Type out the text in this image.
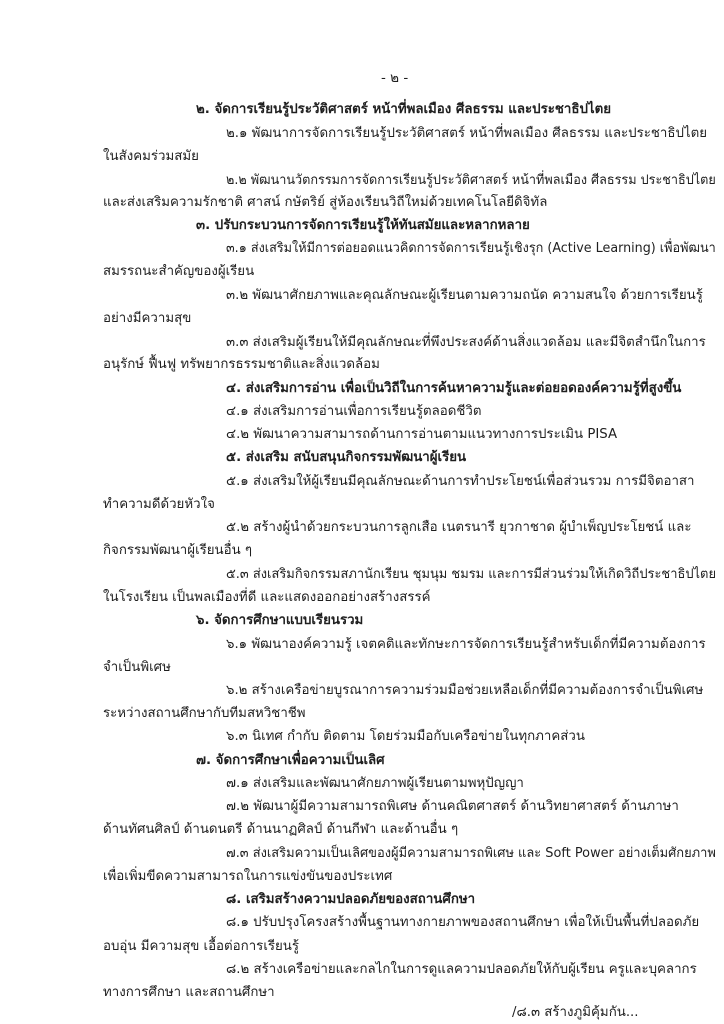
- ๒ -
๒. จัดการเรียนรู้ประวัติศาสตร์ หน้าที่พลเมือง ศีลธรรม และประชาธิปไตย
๒.๑ พัฒนาการจัดการเรียนรู้ประวัติศาสตร์ หน้าที่พลเมือง ศีลธรรม และประชาธิปไตย
ในสังคมร่วมสมัย
๒.๒ พัฒนานวัตกรรมการจัดการเรียนรู้ประวัติศาสตร์ หน้าที่พลเมือง ศีลธรรม ประชาธิปไตย
และส่งเสริมความรักชาติ ศาสน์ กษัตริย์ สู่ห้องเรียนวิถีใหม่ด้วยเทคโนโลยีดิจิทัล
๓. ปรับกระบวนการจัดการเรียนรู้ให้ทันสมัยและหลากหลาย
๓.๑ ส่งเสริมให้มีการต่อยอดแนวคิดการจัดการเรียนรู้เชิงรุก (Active Learning) เพื่อพัฒนา
สมรรถนะสำคัญของผู้เรียน
๓.๒ พัฒนาศักยภาพและคุณลักษณะผู้เรียนตามความถนัด ความสนใจ ด้วยการเรียนรู้
อย่างมีความสุข
๓.๓ ส่งเสริมผู้เรียนให้มีคุณลักษณะที่พึงประสงค์ด้านสิ่งแวดล้อม และมีจิตสำนึกในการ
อนุรักษ์ ฟื้นฟู ทรัพยากรธรรมชาติและสิ่งแวดล้อม
๔. ส่งเสริมการอ่าน เพื่อเป็นวิถีในการค้นหาความรู้และต่อยอดองค์ความรู้ที่สูงขึ้น
๔.๑ ส่งเสริมการอ่านเพื่อการเรียนรู้ตลอดชีวิต
๔.๒ พัฒนาความสามารถด้านการอ่านตามแนวทางการประเมิน PISA
๕. ส่งเสริม สนับสนุนกิจกรรมพัฒนาผู้เรียน
๕.๑ ส่งเสริมให้ผู้เรียนมีคุณลักษณะด้านการทำประโยชน์เพื่อส่วนรวม การมีจิตอาสา
ทำความดีด้วยหัวใจ
๕.๒ สร้างผู้นำด้วยกระบวนการลูกเสือ เนตรนารี ยุวกาชาด ผู้บำเพ็ญประโยชน์ และ
กิจกรรมพัฒนาผู้เรียนอื่น ๆ
๕.๓ ส่งเสริมกิจกรรมสภานักเรียน ชุมนุม ชมรม และการมีส่วนร่วมให้เกิดวิถีประชาธิปไตย
ในโรงเรียน เป็นพลเมืองที่ดี และแสดงออกอย่างสร้างสรรค์
๖. จัดการศึกษาแบบเรียนรวม
๖.๑ พัฒนาองค์ความรู้ เจตคติและทักษะการจัดการเรียนรู้สำหรับเด็กที่มีความต้องการ
จำเป็นพิเศษ
๖.๒ สร้างเครือข่ายบูรณาการความร่วมมือช่วยเหลือเด็กที่มีความต้องการจำเป็นพิเศษ
ระหว่างสถานศึกษากับทีมสหวิชาชีพ
๖.๓ นิเทศ กำกับ ติดตาม โดยร่วมมือกับเครือข่ายในทุกภาคส่วน
๗. จัดการศึกษาเพื่อความเป็นเลิศ
๗.๑ ส่งเสริมและพัฒนาศักยภาพผู้เรียนตามพหุปัญญา
๗.๒ พัฒนาผู้มีความสามารถพิเศษ ด้านคณิตศาสตร์ ด้านวิทยาศาสตร์ ด้านภาษา
ด้านทัศนศิลป์ ด้านดนตรี ด้านนาฏศิลป์ ด้านกีฬา และด้านอื่น ๆ
๗.๓ ส่งเสริมความเป็นเลิศของผู้มีความสามารถพิเศษ และ Soft Power อย่างเต็มศักยภาพ
เพื่อเพิ่มขีดความสามารถในการแข่งขันของประเทศ
๘. เสริมสร้างความปลอดภัยของสถานศึกษา
๘.๑ ปรับปรุงโครงสร้างพื้นฐานทางกายภาพของสถานศึกษา เพื่อให้เป็นพื้นที่ปลอดภัย
อบอุ่น มีความสุข เอื้อต่อการเรียนรู้
๘.๒ สร้างเครือข่ายและกลไกในการดูแลความปลอดภัยให้กับผู้เรียน ครูและบุคลากร
ทางการศึกษา และสถานศึกษา
/๘.๓ สร้างภูมิคุ้มกัน...
